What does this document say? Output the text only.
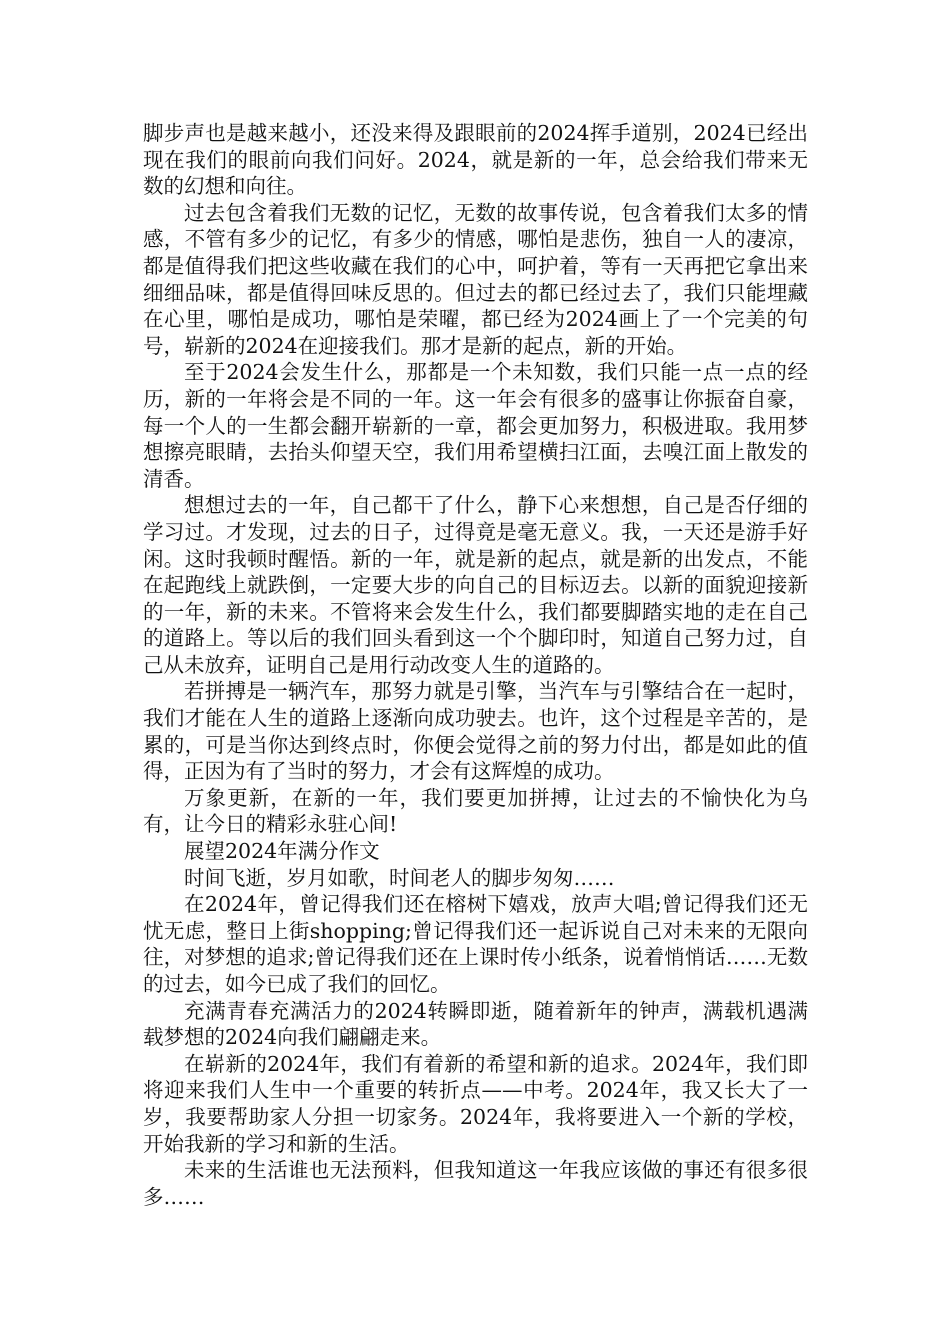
脚步声也是越来越小，还没来得及跟眼前的2024挥手道别，2024已经出现在我们的眼前向我们问好。2024，就是新的一年，总会给我们带来无数的幻想和向往。

过去包含着我们无数的记忆，无数的故事传说，包含着我们太多的情感，不管有多少的记忆，有多少的情感，哪怕是悲伤，独自一人的凄凉，都是值得我们把这些收藏在我们的心中，呵护着，等有一天再把它拿出来细细品味，都是值得回味反思的。但过去的都已经过去了，我们只能埋藏在心里，哪怕是成功，哪怕是荣曜，都已经为2024画上了一个完美的句号，崭新的2024在迎接我们。那才是新的起点，新的开始。

至于2024会发生什么，那都是一个未知数，我们只能一点一点的经历，新的一年将会是不同的一年。这一年会有很多的盛事让你振奋自豪，每一个人的一生都会翻开崭新的一章，都会更加努力，积极进取。我用梦想擦亮眼睛，去抬头仰望天空，我们用希望横扫江面，去嗅江面上散发的清香。

想想过去的一年，自己都干了什么，静下心来想想，自己是否仔细的学习过。才发现，过去的日子，过得竟是毫无意义。我，一天还是游手好闲。这时我顿时醒悟。新的一年，就是新的起点，就是新的出发点，不能在起跑线上就跌倒，一定要大步的向自己的目标迈去。以新的面貌迎接新的一年，新的未来。不管将来会发生什么，我们都要脚踏实地的走在自己的道路上。等以后的我们回头看到这一个个脚印时，知道自己努力过，自己从未放弃，证明自己是用行动改变人生的道路的。

若拼搏是一辆汽车，那努力就是引擎，当汽车与引擎结合在一起时，我们才能在人生的道路上逐渐向成功驶去。也许，这个过程是辛苦的，是累的，可是当你达到终点时，你便会觉得之前的努力付出，都是如此的值得，正因为有了当时的努力，才会有这辉煌的成功。

万象更新，在新的一年，我们要更加拼搏，让过去的不愉快化为乌有，让今日的精彩永驻心间!

展望2024年满分作文

时间飞逝，岁月如歌，时间老人的脚步匆匆……

在2024年，曾记得我们还在榕树下嬉戏，放声大唱;曾记得我们还无忧无虑，整日上街shopping;曾记得我们还一起诉说自己对未来的无限向往，对梦想的追求;曾记得我们还在上课时传小纸条，说着悄悄话……无数的过去，如今已成了我们的回忆。

充满青春充满活力的2024转瞬即逝，随着新年的钟声，满载机遇满载梦想的2024向我们翩翩走来。

在崭新的2024年，我们有着新的希望和新的追求。2024年，我们即将迎来我们人生中一个重要的转折点——中考。2024年，我又长大了一岁，我要帮助家人分担一切家务。2024年，我将要进入一个新的学校，开始我新的学习和新的生活。

未来的生活谁也无法预料，但我知道这一年我应该做的事还有很多很多……
